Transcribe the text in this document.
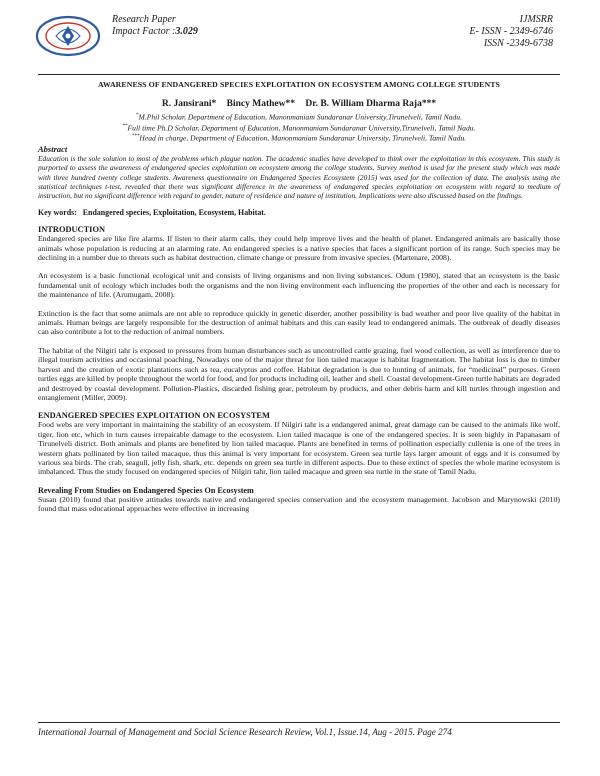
Research Paper
Impact Factor :3.029
IJMSRR
E- ISSN - 2349-6746
ISSN -2349-6738
AWARENESS OF ENDANGERED SPECIES EXPLOITATION ON ECOSYSTEM AMONG COLLEGE STUDENTS
R. Jansirani* Bincy Mathew** Dr. B. William Dharma Raja***
*M.Phil Scholar, Department of Education, Manonmaniam Sundaranar University,Tirunelveli, Tamil Nadu.
**Full time Ph.D Scholar, Department of Education, Manonmaniam Sundaranar University,Tirunelveli, Tamil Nadu.
***Head in charge, Department of Education, Manonmaniam Sundaranar University, Tirunelveli, Tamil Nadu.
Abstract

Education is the sole solution to most of the problems which plague nation. The academic studies have developed to think over the exploitation in this ecosystem. This study is purported to assess the awareness of endangered species exploitation on ecosystem among the college students. Survey method is used for the present study which was made with three hundred twenty college students. Awareness questionnaire on Endangered Species Ecosystem (2015) was used for the collection of data. The analysis using the statistical techniques t-test, revealed that there was significant difference in the awareness of endangered species exploitation on ecosystem with regard to medium of instruction, but no significant difference with regard to gender, nature of residence and nature of institution. Implications were also discussed based on the findings.

Key words: Endangered species, Exploitation, Ecosystem, Habitat.
INTRODUCTION

Endangered species are like fire alarms. If listen to their alarm calls, they could help improve lives and the health of planet. Endangered animals are basically those animals whose population is reducing at an alarming rate. An endangered species is a native species that faces a significant portion of its range. Such species may be declining in a number due to threats such as habitat destruction, climate change or pressure from invasive species. (Martenare, 2008).

An ecosystem is a basic functional ecological unit and consists of living organisms and non living substances. Odum (1980), stated that an ecosystem is the basic fundamental unit of ecology which includes both the organisms and the non living environment each influencing the properties of the other and each is necessary for the maintenance of life. (Arumugam, 2008).

Extinction is the fact that some animals are not able to reproduce quickly in genetic disorder, another possibility is bad weather and poor live quality of the habitat in animals. Human beings are largely responsible for the destruction of animal habitats and this can easily lead to endangered animals. The outbreak of deadly diseases can also contribute a lot to the reduction of animal numbers.

The habitat of the Nilgiri tahr is exposed to pressures from human disturbances such as uncontrolled cattle grazing, fuel wood collection, as well as interference due to illegal tourism activities and occasional poaching. Nowadays one of the major threat for lion tailed macaque is habitat fragmentation. The habitat loss is due to timber harvest and the creation of exotic plantations such as tea, eucalyptus and coffee. Habitat degradation is due to hunting of animals, for “medicinal” purposes. Green turtles eggs are killed by people throughout the world for food, and for products including oil, leather and shell. Coastal development-Green turtle habitats are degraded and destroyed by coastal development. Pollution-Plastics, discarded fishing gear, petroleum by products, and other debris harm and kill turtles through ingestion and entanglement (Miller, 2009).

ENDANGERED SPECIES EXPLOITATION ON ECOSYSTEM

Food webs are very important in maintaining the stability of an ecosystem. If Nilgiri tahr is a endangered animal, great damage can be caused to the animals like wolf, tiger, lion etc, which in turn causes irrepairable damage to the ecosystem. Lion tailed macaque is one of the endangered species. It is seen highly in Papanasam of Tirunelveli district. Both animals and plants are benefited by lion tailed macaque. Plants are benefited in terms of pollination especially cullenia is one of the trees in western ghats pollinated by lion tailed macaque, thus this animal is very important for ecosystem. Green sea turtle lays larger amount of eggs and it is consumed by various sea birds. The crab, seagull, jelly fish, shark, etc. depends on green sea turtle in different aspects. Due to these extinct of species the whole marine ecosystem is imbalanced. Thus the study focused on endangered species of Nilgiri tahr, lion tailed macaque and green sea turtle in the state of Tamil Nadu.

Revealing From Studies on Endangered Species On Ecosystem

Susan (2010) found that positive attitudes towards native and endangered species conservation and the ecosystem management. Jacobson and Marynowski (2010) found that mass educational approaches were effective in increasing

International Journal of Management and Social Science Research Review, Vol.1, Issue.14, Aug - 2015. Page 274
